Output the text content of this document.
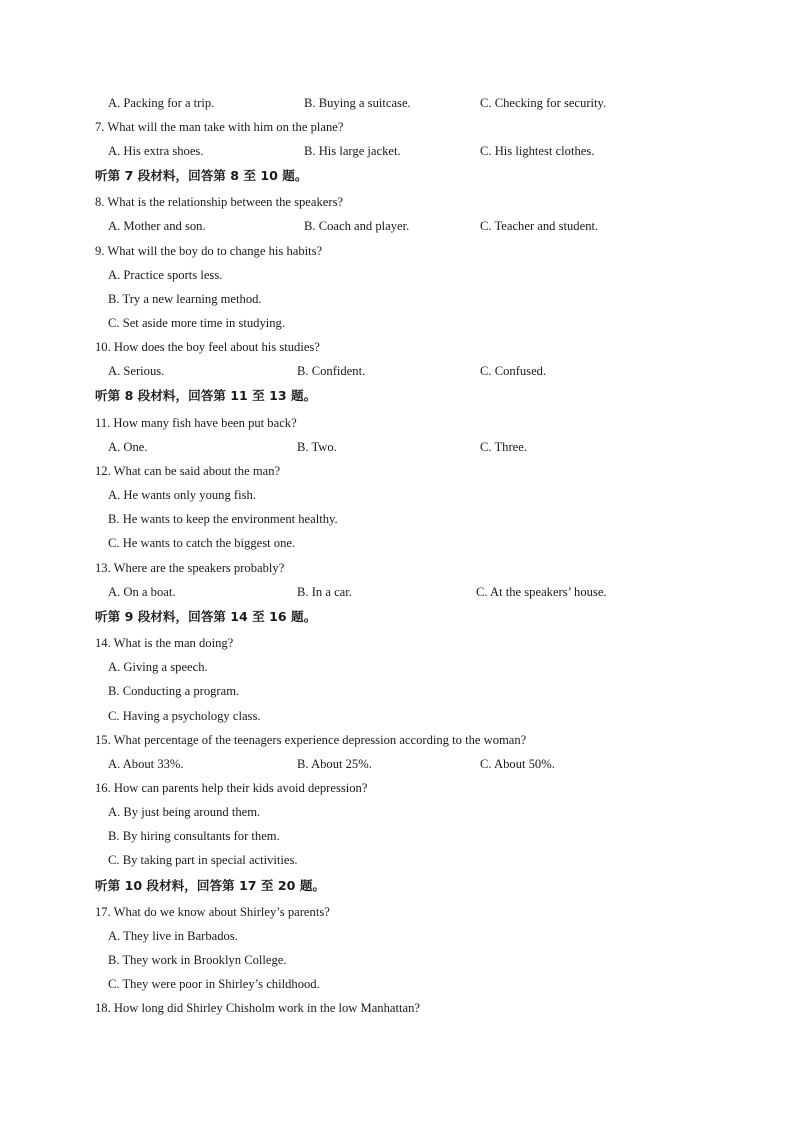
A. Packing for a trip.	B. Buying a suitcase.	C. Checking for security.
7. What will the man take with him on the plane?
A. His extra shoes.	B. His large jacket.	C. His lightest clothes.
听第 7 段材料，回答第 8 至 10 题。
8. What is the relationship between the speakers?
A. Mother and son.	B. Coach and player.	C. Teacher and student.
9. What will the boy do to change his habits?
A. Practice sports less.
B. Try a new learning method.
C. Set aside more time in studying.
10. How does the boy feel about his studies?
A. Serious.	B. Confident.	C. Confused.
听第 8 段材料，回答第 11 至 13 题。
11. How many fish have been put back?
A. One.	B. Two.	C. Three.
12. What can be said about the man?
A. He wants only young fish.
B. He wants to keep the environment healthy.
C. He wants to catch the biggest one.
13. Where are the speakers probably?
A. On a boat.	B. In a car.	C. At the speakers’ house.
听第 9 段材料，回答第 14 至 16 题。
14. What is the man doing?
A. Giving a speech.
B. Conducting a program.
C. Having a psychology class.
15. What percentage of the teenagers experience depression according to the woman?
A. About 33%.	B. About 25%.	C. About 50%.
16. How can parents help their kids avoid depression?
A. By just being around them.
B. By hiring consultants for them.
C. By taking part in special activities.
听第 10 段材料，回答第 17 至 20 题。
17. What do we know about Shirley’s parents?
A. They live in Barbados.
B. They work in Brooklyn College.
C. They were poor in Shirley’s childhood.
18. How long did Shirley Chisholm work in the low Manhattan?
